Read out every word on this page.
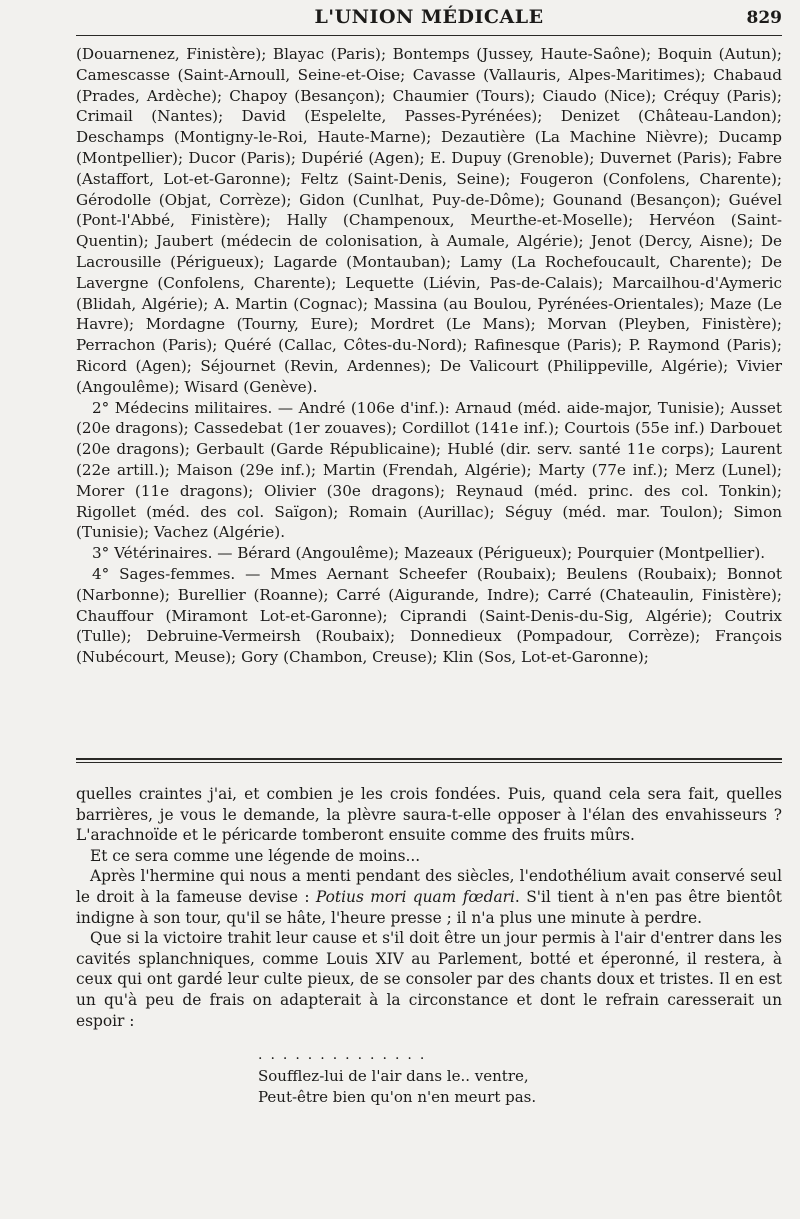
L'UNION MÉDICALE	829

(Douarnenez, Finistère); Blayac (Paris); Bontemps (Jussey, Haute-Saône); Boquin (Autun); Camescasse (Saint-Arnoull, Seine-et-Oise; Cavasse (Vallauris, Alpes-Maritimes); Chabaud (Prades, Ardèche); Chapoy (Besançon); Chaumier (Tours); Ciaudo (Nice); Créquy (Paris); Crimail (Nantes); David (Espelelte, Passes-Pyrénées); Denizet (Château-Landon); Deschamps (Montigny-le-Roi, Haute-Marne); Dezautière (La Machine Nièvre); Ducamp (Montpellier); Ducor (Paris); Dupérié (Agen); E. Dupuy (Grenoble); Duvernet (Paris); Fabre (Astaffort, Lot-et-Garonne); Feltz (Saint-Denis, Seine); Fougeron (Confolens, Charente); Gérodolle (Objat, Corrèze); Gidon (Cunlhat, Puy-de-Dôme); Gounand (Besançon); Guével (Pont-l'Abbé, Finistère); Hally (Champenoux, Meurthe-et-Moselle); Hervéon (Saint-Quentin); Jaubert (médecin de colonisation, à Aumale, Algérie); Jenot (Dercy, Aisne); De Lacrousille (Périgueux); Lagarde (Montauban); Lamy (La Rochefoucault, Charente); De Lavergne (Confolens, Charente); Lequette (Liévin, Pas-de-Calais); Marcailhou-d'Aymeric (Blidah, Algérie); A. Martin (Cognac); Massina (au Boulou, Pyrénées-Orientales); Maze (Le Havre); Mordagne (Tourny, Eure); Mordret (Le Mans); Morvan (Pleyben, Finistère); Perrachon (Paris); Quéré (Callac, Côtes-du-Nord); Rafinesque (Paris); P. Raymond (Paris); Ricord (Agen); Séjournet (Revin, Ardennes); De Valicourt (Philippeville, Algérie); Vivier (Angoulême); Wisard (Genève).

2° Médecins militaires. — André (106e d'inf.): Arnaud (méd. aide-major, Tunisie); Ausset (20e dragons); Cassedebat (1er zouaves); Cordillot (141e inf.); Courtois (55e inf.) Darbouet (20e dragons); Gerbault (Garde Républicaine); Hublé (dir. serv. santé 11e corps); Laurent (22e artill.); Maison (29e inf.); Martin (Frendah, Algérie); Marty (77e inf.); Merz (Lunel); Morer (11e dragons); Olivier (30e dragons); Reynaud (méd. princ. des col. Tonkin); Rigollet (méd. des col. Saïgon); Romain (Aurillac); Séguy (méd. mar. Toulon); Simon (Tunisie); Vachez (Algérie).

3° Vétérinaires. — Bérard (Angoulême); Mazeaux (Périgueux); Pourquier (Montpellier).

4° Sages-femmes. — Mmes Aernant Scheefer (Roubaix); Beulens (Roubaix); Bonnot (Narbonne); Burellier (Roanne); Carré (Aigurande, Indre); Carré (Chateaulin, Finistère); Chauffour (Miramont Lot-et-Garonne); Ciprandi (Saint-Denis-du-Sig, Algérie); Coutrix (Tulle); Debruine-Vermeirsh (Roubaix); Donnedieux (Pompadour, Corrèze); François (Nubécourt, Meuse); Gory (Chambon, Creuse); Klin (Sos, Lot-et-Garonne);

quelles craintes j'ai, et combien je les crois fondées. Puis, quand cela sera fait, quelles barrières, je vous le demande, la plèvre saura-t-elle opposer à l'élan des envahisseurs ? L'arachnoïde et le péricarde tomberont ensuite comme des fruits mûrs.

Et ce sera comme une légende de moins...

Après l'hermine qui nous a menti pendant des siècles, l'endothélium avait conservé seul le droit à la fameuse devise : Potius mori quam fœdari. S'il tient à n'en pas être bientôt indigne à son tour, qu'il se hâte, l'heure presse ; il n'a plus une minute à perdre.

Que si la victoire trahit leur cause et s'il doit être un jour permis à l'air d'entrer dans les cavités splanchniques, comme Louis XIV au Parlement, botté et éperonné, il restera, à ceux qui ont gardé leur culte pieux, de se consoler par des chants doux et tristes. Il en est un qu'à peu de frais on adapterait à la circonstance et dont le refrain caresserait un espoir :

..............
Soufflez-lui de l'air dans le.. ventre,
Peut-être bien qu'on n'en meurt pas.
